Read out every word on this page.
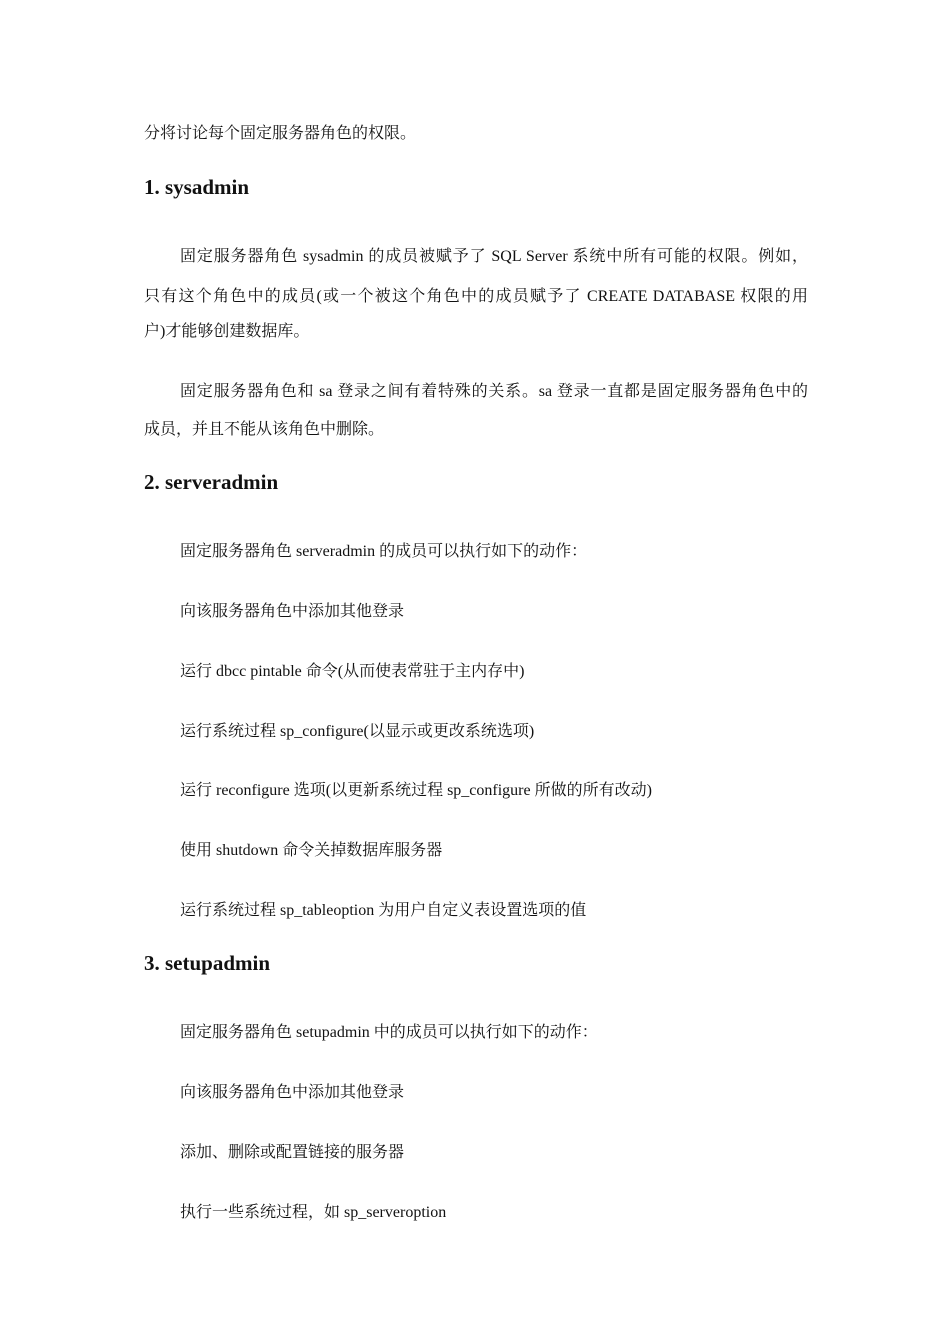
分将讨论每个固定服务器角色的权限。
1. sysadmin
固定服务器角色 sysadmin 的成员被赋予了 SQL Server 系统中所有可能的权限。例如，
只有这个角色中的成员(或一个被这个角色中的成员赋予了 CREATE DATABASE 权限的用
户)才能够创建数据库。
固定服务器角色和 sa 登录之间有着特殊的关系。sa 登录一直都是固定服务器角色中的
成员，并且不能从该角色中删除。
2. serveradmin
固定服务器角色 serveradmin 的成员可以执行如下的动作：
向该服务器角色中添加其他登录
运行 dbcc pintable 命令(从而使表常驻于主内存中)
运行系统过程 sp_configure(以显示或更改系统选项)
运行 reconfigure 选项(以更新系统过程 sp_configure 所做的所有改动)
使用 shutdown 命令关掉数据库服务器
运行系统过程 sp_tableoption 为用户自定义表设置选项的值
3. setupadmin
固定服务器角色 setupadmin 中的成员可以执行如下的动作：
向该服务器角色中添加其他登录
添加、删除或配置链接的服务器
执行一些系统过程，如 sp_serveroption
